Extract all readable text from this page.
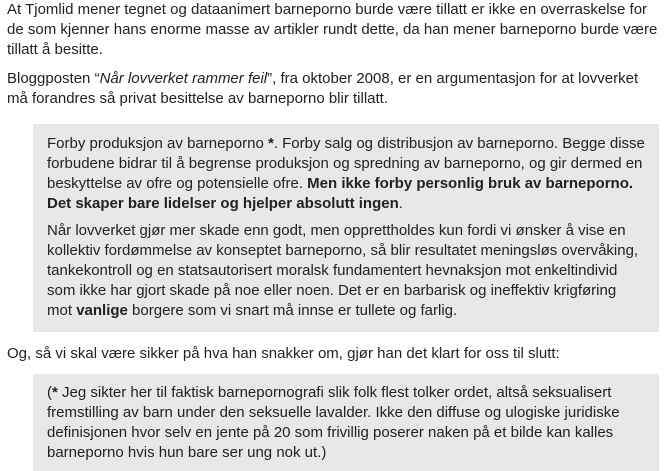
At Tjomlid mener tegnet og dataanimert barneporno burde være tillatt er ikke en overraskelse for de som kjenner hans enorme masse av artikler rundt dette, da han mener barneporno burde være tillatt å besitte.

Bloggposten “Når lovverket rammer feil”, fra oktober 2008, er en argumentasjon for at lovverket må forandres så privat besittelse av barneporno blir tillatt.

Forby produksjon av barneporno *. Forby salg og distribusjon av barneporno. Begge disse forbudene bidrar til å begrense produksjon og spredning av barneporno, og gir dermed en beskyttelse av ofre og potensielle ofre. Men ikke forby personlig bruk av barneporno. Det skaper bare lidelser og hjelper absolutt ingen.

Når lovverket gjør mer skade enn godt, men opprettholdes kun fordi vi ønsker å vise en kollektiv fordømmelse av konseptet barneporno, så blir resultatet meningsløs overvåking, tankekontroll og en statsautorisert moralsk fundamentert hevnaksjon mot enkeltindivid som ikke har gjort skade på noe eller noen. Det er en barbarisk og ineffektiv krigføring mot vanlige borgere som vi snart må innse er tullete og farlig.

Og, så vi skal være sikker på hva han snakker om, gjør han det klart for oss til slutt:

(* Jeg sikter her til faktisk barnepornografi slik folk flest tolker ordet, altså seksualisert fremstilling av barn under den seksuelle lavalder. Ikke den diffuse og ulogiske juridiske definisjonen hvor selv en jente på 20 som frivillig poserer naken på et bilde kan kalles barneporno hvis hun bare ser ung nok ut.)
